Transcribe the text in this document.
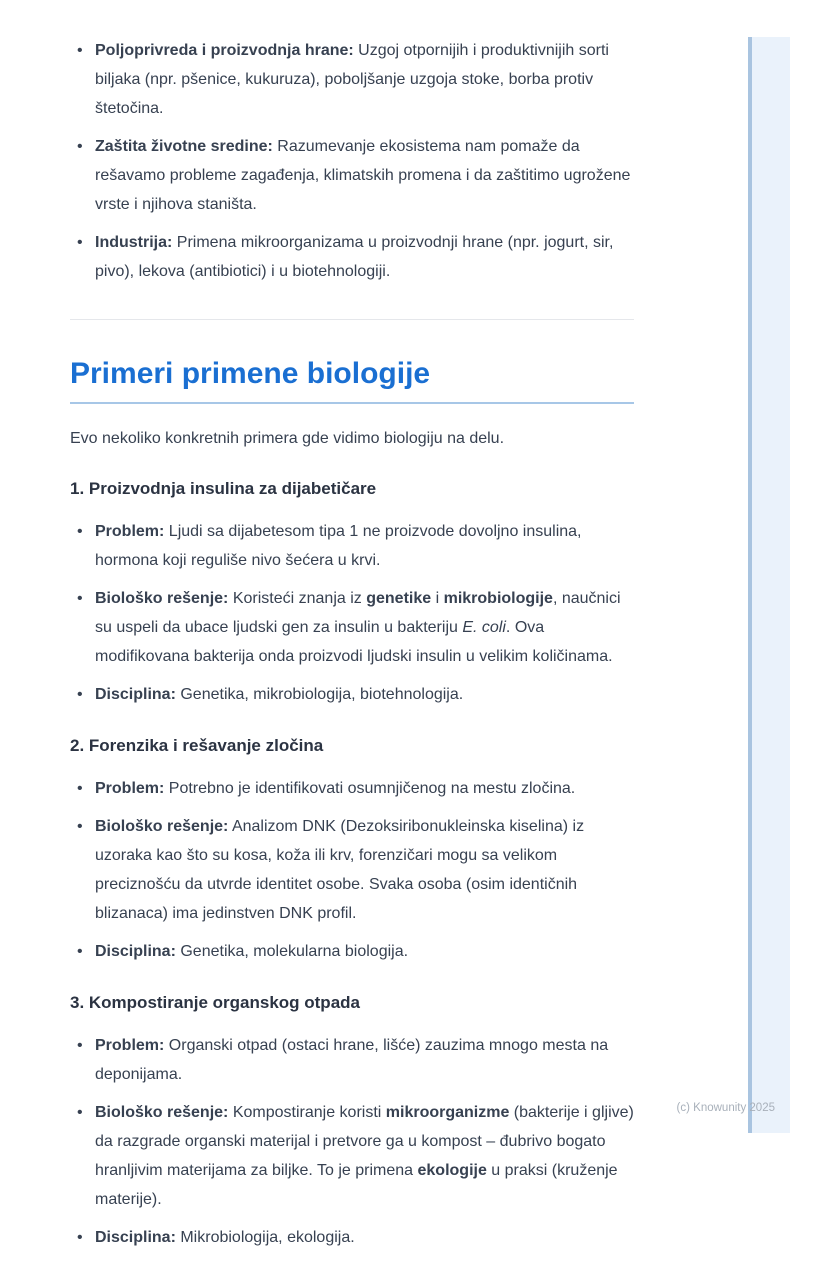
• Poljoprivreda i proizvodnja hrane: Uzgoj otpornijih i produktivnijih sorti biljaka (npr. pšenice, kukuruza), poboljšanje uzgoja stoke, borba protiv štetočina.
• Zaštita životne sredine: Razumevanje ekosistema nam pomaže da rešavamo probleme zagađenja, klimatskih promena i da zaštitimo ugrožene vrste i njihova staništa.
• Industrija: Primena mikroorganizama u proizvodnji hrane (npr. jogurt, sir, pivo), lekova (antibiotici) i u biotehnologiji.
Primeri primene biologije

Evo nekoliko konkretnih primera gde vidimo biologiju na delu.

1. Proizvodnja insulina za dijabetičare
• Problem: Ljudi sa dijabetesom tipa 1 ne proizvode dovoljno insulina, hormona koji reguliše nivo šećera u krvi.
• Biološko rešenje: Koristeći znanja iz genetike i mikrobiologije, naučnici su uspeli da ubace ljudski gen za insulin u bakteriju E. coli. Ova modifikovana bakterija onda proizvodi ljudski insulin u velikim količinama.
• Disciplina: Genetika, mikrobiologija, biotehnologija.
2. Forenzika i rešavanje zločina
• Problem: Potrebno je identifikovati osumnjičenog na mestu zločina.
• Biološko rešenje: Analizom DNK (Dezoksiribonukleinska kiselina) iz uzoraka kao što su kosa, koža ili krv, forenzičari mogu sa velikom preciznošću da utvrde identitet osobe. Svaka osoba (osim identičnih blizanaca) ima jedinstven DNK profil.
• Disciplina: Genetika, molekularna biologija.
3. Kompostiranje organskog otpada
• Problem: Organski otpad (ostaci hrane, lišće) zauzima mnogo mesta na deponijama.
• Biološko rešenje: Kompostiranje koristi mikroorganizme (bakterije i gljive) da razgrade organski materijal i pretvore ga u kompost – đubrivo bogato hranljivim materijama za biljke. To je primena ekologije u praksi (kruženje materije).
• Disciplina: Mikrobiologija, ekologija.
(c) Knowunity 2025
